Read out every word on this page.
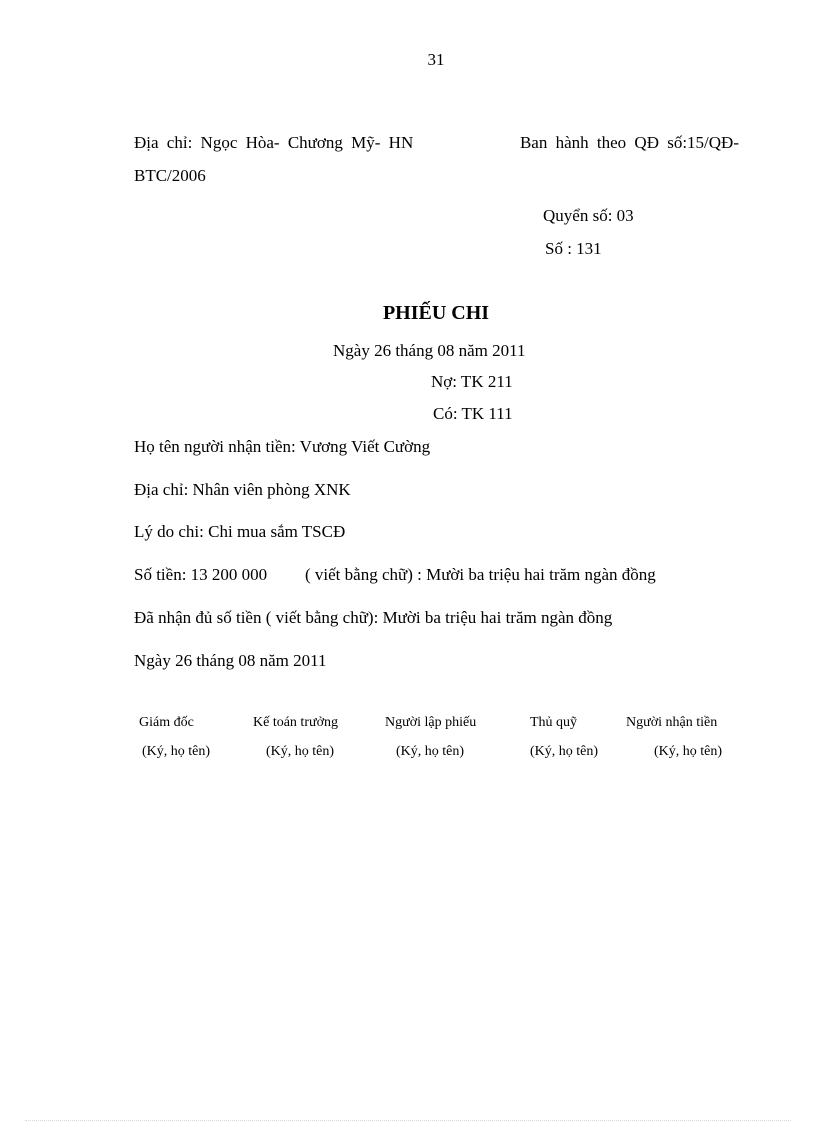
31
Địa chỉ: Ngọc Hòa- Chương Mỹ- HN	Ban hành theo QĐ số:15/QĐ-
BTC/2006
Quyển số: 03
Số : 131
PHIẾU CHI
Ngày 26 tháng 08 năm 2011
Nợ: TK 211
Có: TK 111
Họ tên người nhận tiền: Vương Viết Cường
Địa chỉ: Nhân viên phòng XNK
Lý do chi: Chi mua sắm TSCĐ
Số tiền: 13 200 000 ( viết bằng chữ) : Mười ba triệu hai trăm ngàn đồng
Đã nhận đủ số tiền ( viết bằng chữ): Mười ba triệu hai trăm ngàn đồng
Ngày 26 tháng 08 năm 2011
Giám đốc
(Ký, họ tên)
Kế toán trưởng
(Ký, họ tên)
Người lập phiếu
(Ký, họ tên)
Thủ quỹ
(Ký, họ tên)
Người nhận tiền
(Ký, họ tên)
